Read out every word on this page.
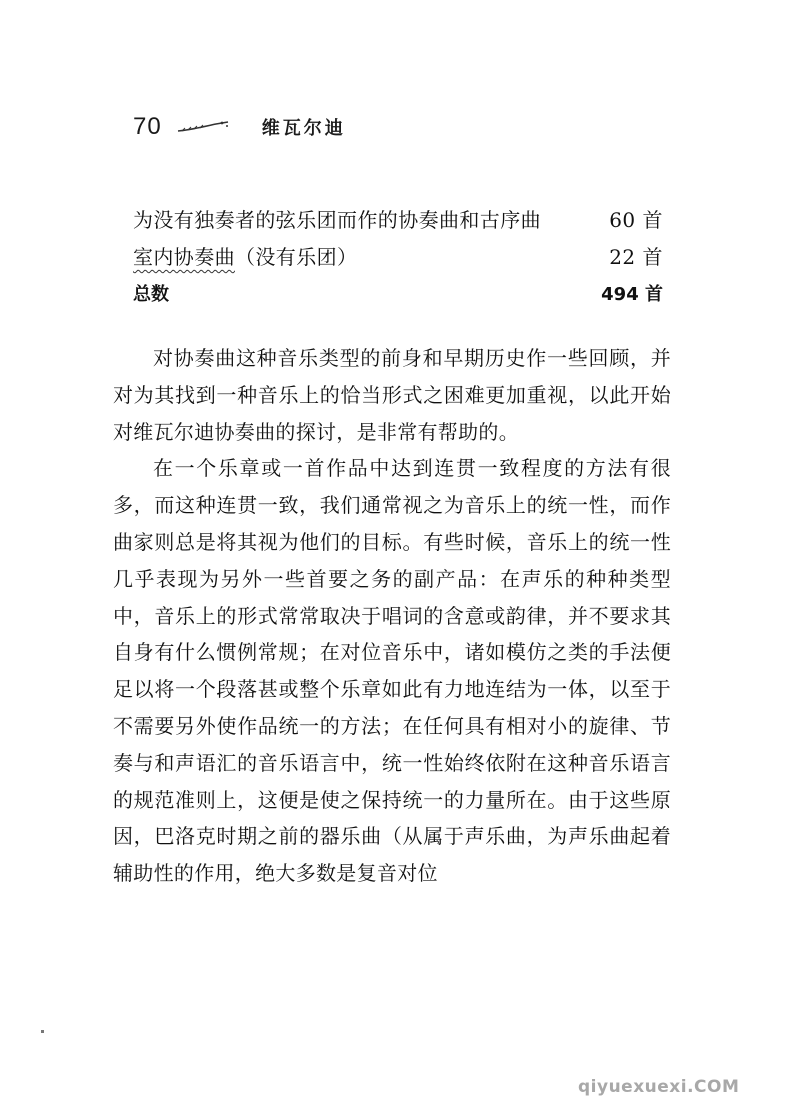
70	维瓦尔迪
为没有独奏者的弦乐团而作的协奏曲和古序曲	60 首
室内协奏曲（没有乐团）	22 首
总数	494 首

对协奏曲这种音乐类型的前身和早期历史作一些回顾，并对为其找到一种音乐上的恰当形式之困难更加重视，以此开始对维瓦尔迪协奏曲的探讨，是非常有帮助的。

在一个乐章或一首作品中达到连贯一致程度的方法有很多，而这种连贯一致，我们通常视之为音乐上的统一性，而作曲家则总是将其视为他们的目标。有些时候，音乐上的统一性几乎表现为另外一些首要之务的副产品：在声乐的种种类型中，音乐上的形式常常取决于唱词的含意或韵律，并不要求其自身有什么惯例常规；在对位音乐中，诸如模仿之类的手法便足以将一个段落甚或整个乐章如此有力地连结为一体，以至于不需要另外使作品统一的方法；在任何具有相对小的旋律、节奏与和声语汇的音乐语言中，统一性始终依附在这种音乐语言的规范准则上，这便是使之保持统一的力量所在。由于这些原因，巴洛克时期之前的器乐曲（从属于声乐曲，为声乐曲起着辅助性的作用，绝大多数是复音对位

qiyuexuexi.COM
